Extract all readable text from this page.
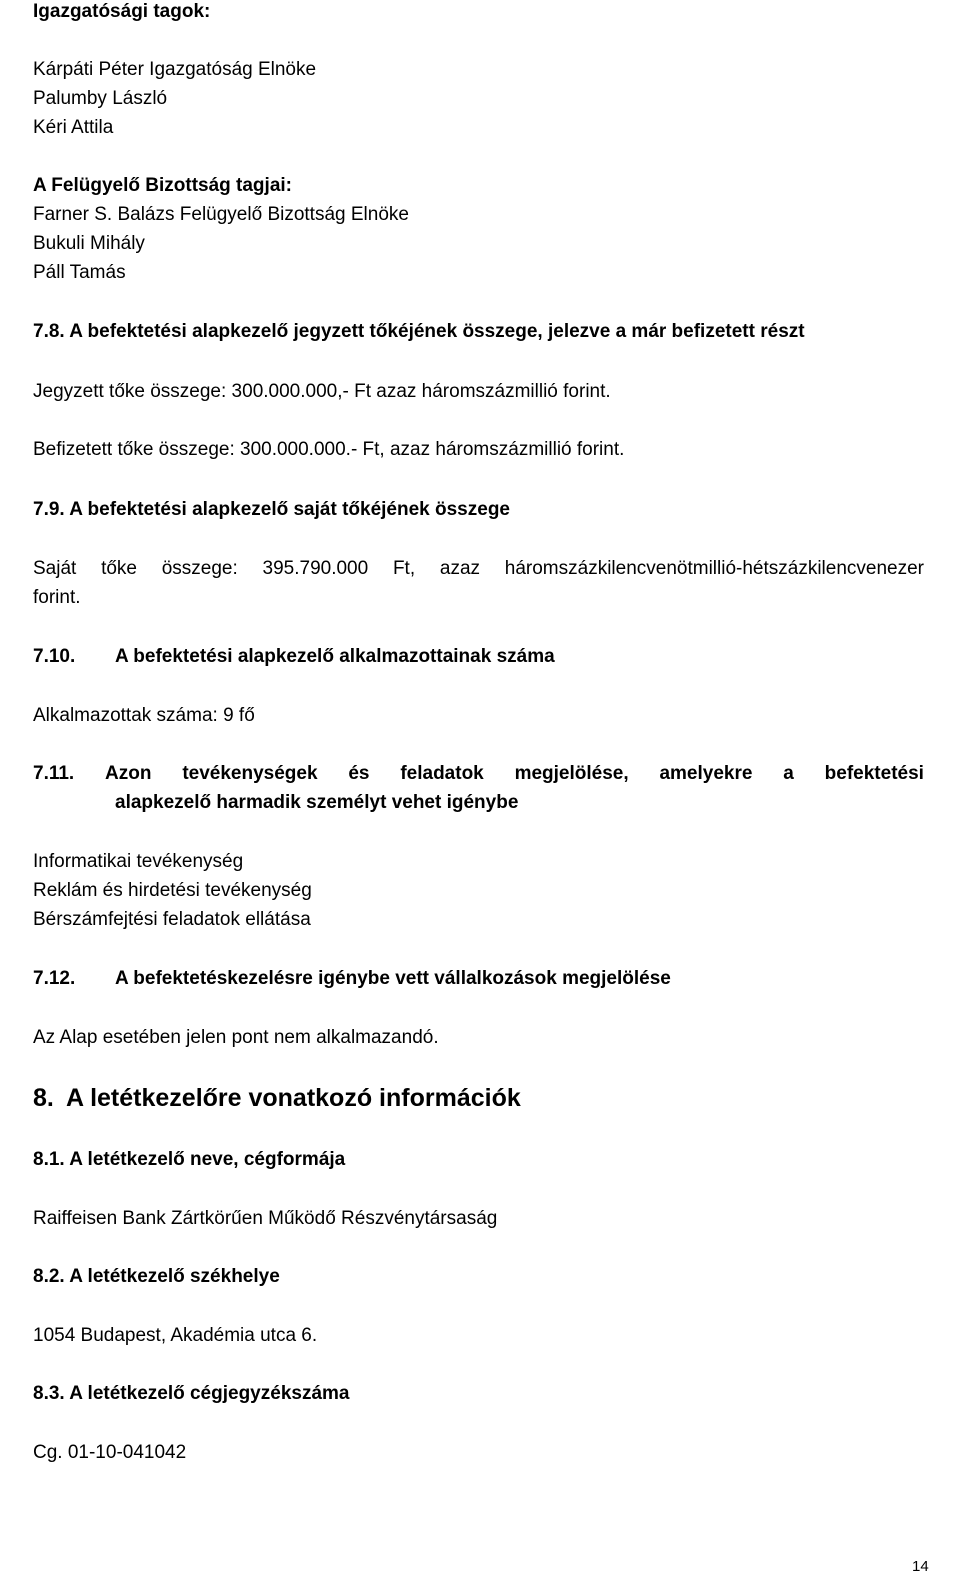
Igazgatósági tagok:
Kárpáti Péter Igazgatóság Elnöke
Palumby László
Kéri Attila
A Felügyelő Bizottság tagjai:
Farner S. Balázs Felügyelő Bizottság Elnöke
Bukuli Mihály
Páll Tamás
7.8. A befektetési alapkezelő jegyzett tőkéjének összege, jelezve a már befizetett részt
Jegyzett tőke összege: 300.000.000,- Ft azaz háromszázmillió forint.
Befizetett tőke összege: 300.000.000.- Ft, azaz háromszázmillió forint.
7.9. A befektetési alapkezelő saját tőkéjének összege
Saját tőke összege: 395.790.000 Ft, azaz háromszázkilencvenötmillió-hétszázkilencvenezer
forint.
7.10. A befektetési alapkezelő alkalmazottainak száma
Alkalmazottak száma: 9 fő
7.11. Azon tevékenységek és feladatok megjelölése, amelyekre a befektetési
alapkezelő harmadik személyt vehet igénybe
Informatikai tevékenység
Reklám és hirdetési tevékenység
Bérszámfejtési feladatok ellátása
7.12. A befektetéskezelésre igénybe vett vállalkozások megjelölése
Az Alap esetében jelen pont nem alkalmazandó.
8. A letétkezelőre vonatkozó információk
8.1. A letétkezelő neve, cégformája
Raiffeisen Bank Zártkörűen Működő Részvénytársaság
8.2. A letétkezelő székhelye
1054 Budapest, Akadémia utca 6.
8.3. A letétkezelő cégjegyzékszáma
Cg. 01-10-041042
14
